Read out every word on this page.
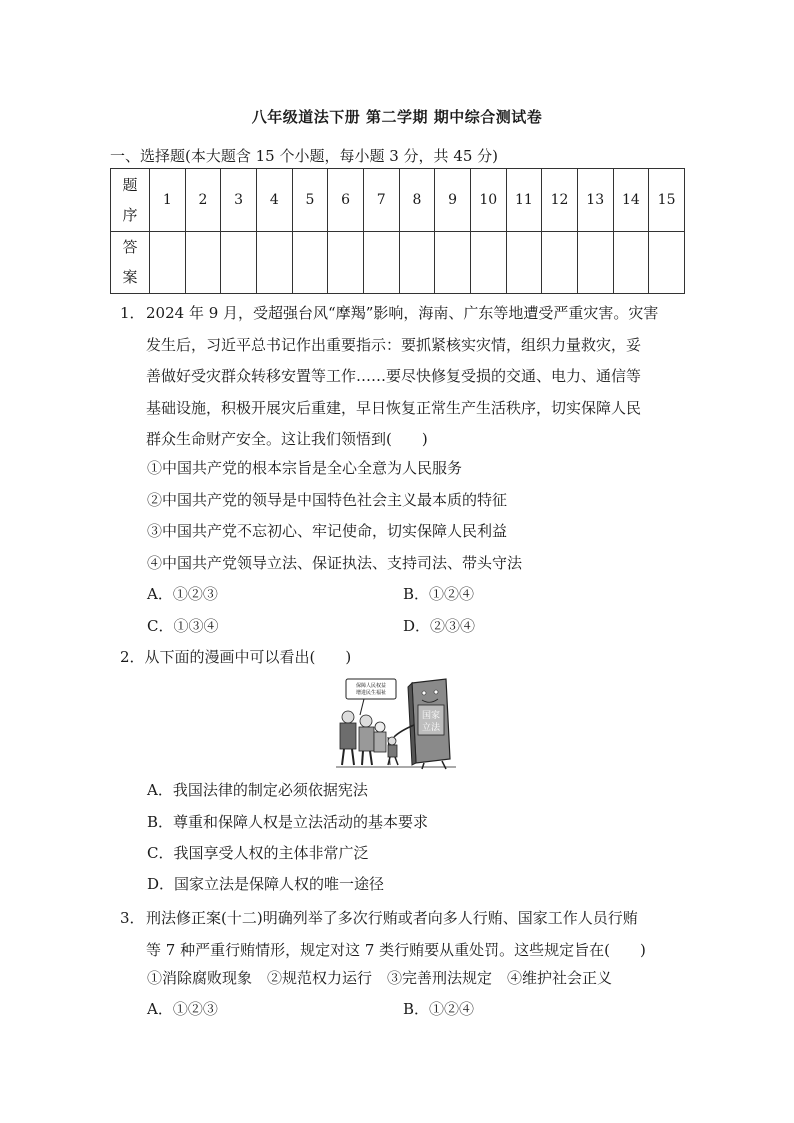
八年级道法下册 第二学期 期中综合测试卷
一、选择题(本大题含 15 个小题，每小题 3 分，共 45 分)
题
序	1	2	3	4	5	6	7	8	9	10	11	12	13	14	15

答
案															

1． 2024 年 9 月，受超强台风“摩羯”影响，海南、广东等地遭受严重灾害。灾害
发生后，习近平总书记作出重要指示：要抓紧核实灾情，组织力量救灾，妥
善做好受灾群众转移安置等工作……要尽快修复受损的交通、电力、通信等
基础设施，积极开展灾后重建，早日恢复正常生产生活秩序，切实保障人民
群众生命财产安全。这让我们领悟到(　　)
①中国共产党的根本宗旨是全心全意为人民服务
②中国共产党的领导是中国特色社会主义最本质的特征
③中国共产党不忘初心、牢记使命，切实保障人民利益
④中国共产党领导立法、保证执法、支持司法、带头守法
A．①②③	B．①②④
C．①③④	D．②③④
2．从下面的漫画中可以看出(　　)
保障人民权益
增进民生福祉
国家
立法
A．我国法律的制定必须依据宪法
B．尊重和保障人权是立法活动的基本要求
C．我国享受人权的主体非常广泛
D．国家立法是保障人权的唯一途径
3． 刑法修正案(十二)明确列举了多次行贿或者向多人行贿、国家工作人员行贿
等 7 种严重行贿情形，规定对这 7 类行贿要从重处罚。这些规定旨在(　　)
①消除腐败现象　②规范权力运行　③完善刑法规定　④维护社会正义
A．①②③	B．①②④
